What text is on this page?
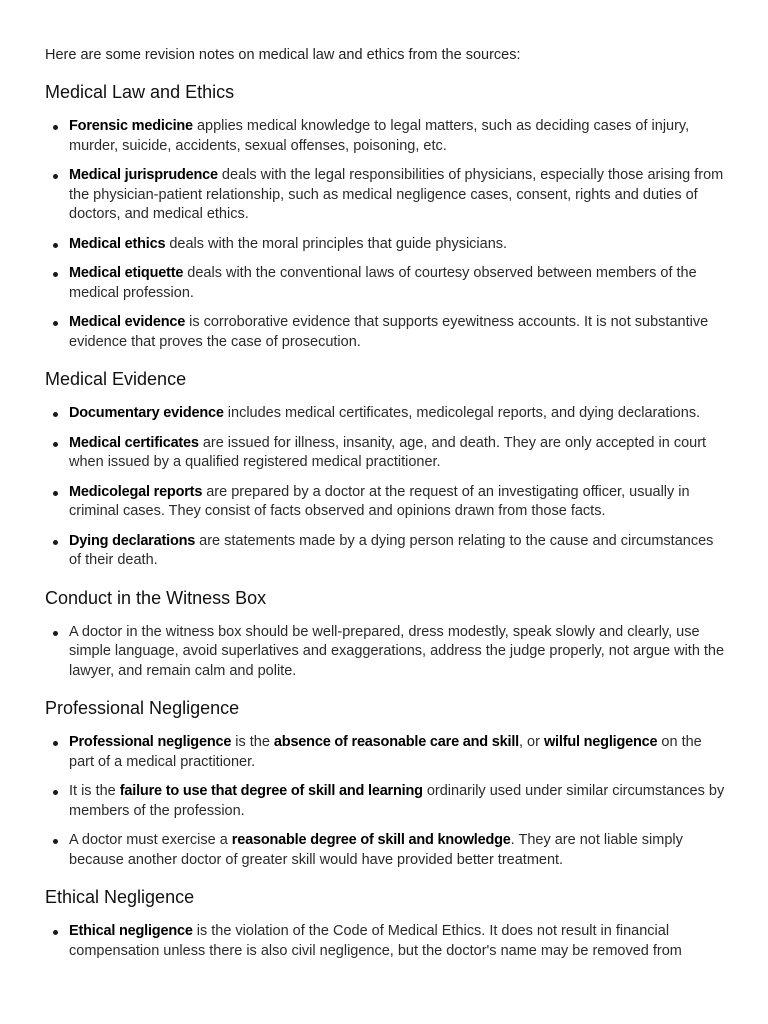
Here are some revision notes on medical law and ethics from the sources:

Medical Law and Ethics
Forensic medicine applies medical knowledge to legal matters, such as deciding cases of injury, murder, suicide, accidents, sexual offenses, poisoning, etc.
Medical jurisprudence deals with the legal responsibilities of physicians, especially those arising from the physician-patient relationship, such as medical negligence cases, consent, rights and duties of doctors, and medical ethics.
Medical ethics deals with the moral principles that guide physicians.
Medical etiquette deals with the conventional laws of courtesy observed between members of the medical profession.
Medical evidence is corroborative evidence that supports eyewitness accounts. It is not substantive evidence that proves the case of prosecution.
Medical Evidence
Documentary evidence includes medical certificates, medicolegal reports, and dying declarations.
Medical certificates are issued for illness, insanity, age, and death. They are only accepted in court when issued by a qualified registered medical practitioner.
Medicolegal reports are prepared by a doctor at the request of an investigating officer, usually in criminal cases. They consist of facts observed and opinions drawn from those facts.
Dying declarations are statements made by a dying person relating to the cause and circumstances of their death.
Conduct in the Witness Box
A doctor in the witness box should be well-prepared, dress modestly, speak slowly and clearly, use simple language, avoid superlatives and exaggerations, address the judge properly, not argue with the lawyer, and remain calm and polite.
Professional Negligence
Professional negligence is the absence of reasonable care and skill, or wilful negligence on the part of a medical practitioner.
It is the failure to use that degree of skill and learning ordinarily used under similar circumstances by members of the profession.
A doctor must exercise a reasonable degree of skill and knowledge. They are not liable simply because another doctor of greater skill would have provided better treatment.
Ethical Negligence
Ethical negligence is the violation of the Code of Medical Ethics. It does not result in financial compensation unless there is also civil negligence, but the doctor's name may be removed from
